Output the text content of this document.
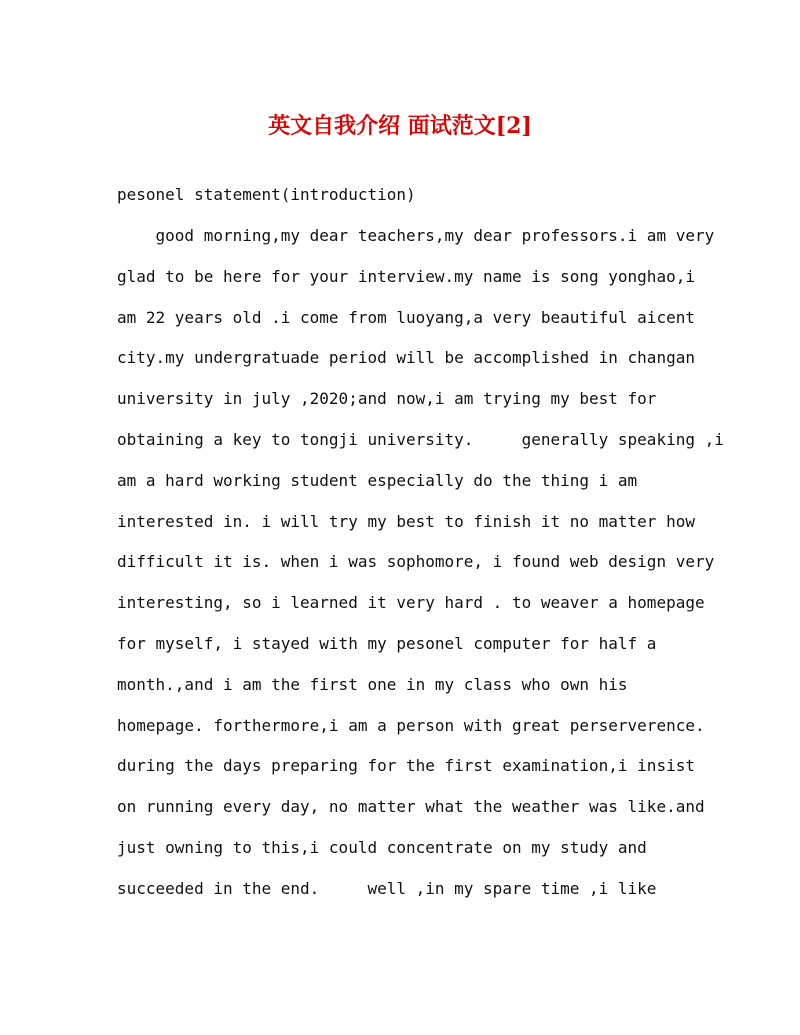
英文自我介绍 面试范文[2]
pesonel statement(introduction)
good morning,my dear teachers,my dear professors.i am very
glad to be here for your interview.my name is song yonghao,i
am 22 years old .i come from luoyang,a very beautiful aicent
city.my undergratuade period will be accomplished in changan
university in july ,2020;and now,i am trying my best for
obtaining a key to tongji university.     generally speaking ,i
am a hard working student especially do the thing i am
interested in. i will try my best to finish it no matter how
difficult it is. when i was sophomore, i found web design very
interesting, so i learned it very hard . to weaver a homepage
for myself, i stayed with my pesonel computer for half a
month.,and i am the first one in my class who own his
homepage. forthermore,i am a person with great perserverence.
during the days preparing for the first examination,i insist
on running every day, no matter what the weather was like.and
just owning to this,i could concentrate on my study and
succeeded in the end.     well ,in my spare time ,i like
